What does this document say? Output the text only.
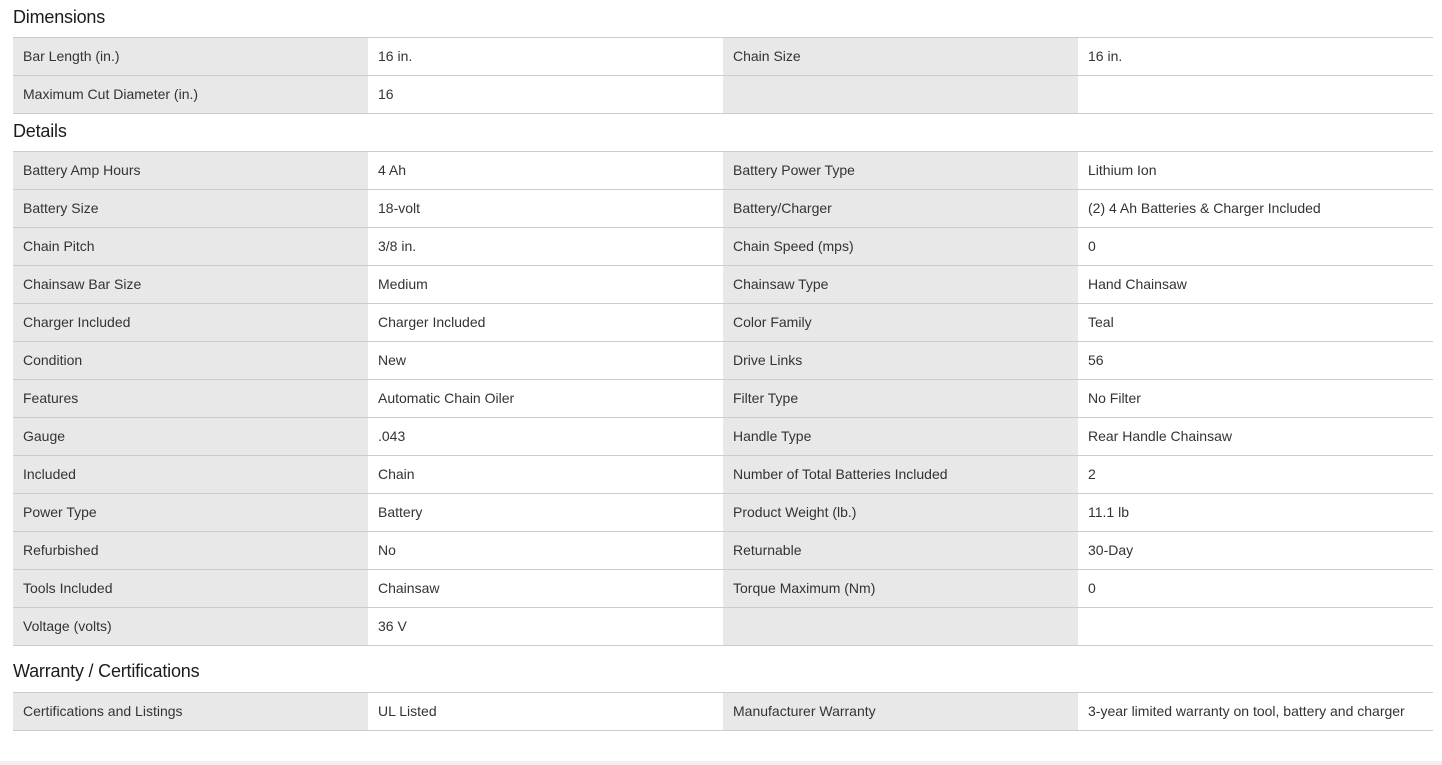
Dimensions
Bar Length (in.)	16 in.	Chain Size	16 in.
Maximum Cut Diameter (in.)	16
Details
Battery Amp Hours	4 Ah	Battery Power Type	Lithium Ion
Battery Size	18-volt	Battery/Charger	(2) 4 Ah Batteries & Charger Included
Chain Pitch	3/8 in.	Chain Speed (mps)	0
Chainsaw Bar Size	Medium	Chainsaw Type	Hand Chainsaw
Charger Included	Charger Included	Color Family	Teal
Condition	New	Drive Links	56
Features	Automatic Chain Oiler	Filter Type	No Filter
Gauge	.043	Handle Type	Rear Handle Chainsaw
Included	Chain	Number of Total Batteries Included	2
Power Type	Battery	Product Weight (lb.)	11.1 lb
Refurbished	No	Returnable	30-Day
Tools Included	Chainsaw	Torque Maximum (Nm)	0
Voltage (volts)	36 V
Warranty / Certifications
Certifications and Listings	UL Listed	Manufacturer Warranty	3-year limited warranty on tool, battery and charger
